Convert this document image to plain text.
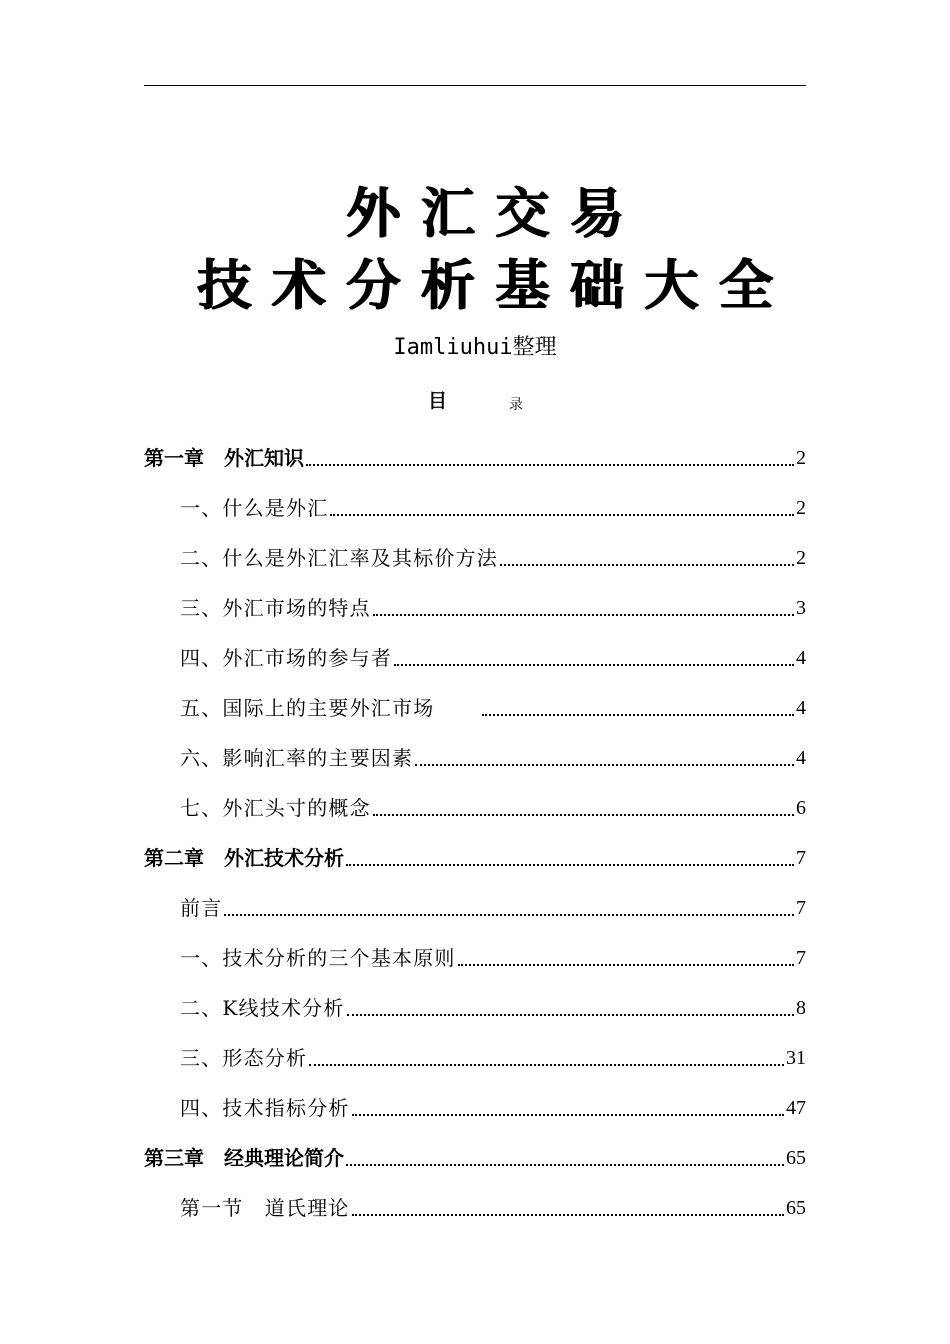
外汇交易
技术分析基础大全
Iamliuhui整理
目	录
第一章　外汇知识	2
一、什么是外汇	2
二、什么是外汇汇率及其标价方法	2
三、外汇市场的特点	3
四、外汇市场的参与者	4
五、国际上的主要外汇市场	4
六、影响汇率的主要因素	4
七、外汇头寸的概念	6
第二章　外汇技术分析	7
前言	7
一、技术分析的三个基本原则	7
二、K线技术分析	8
三、形态分析	31
四、技术指标分析	47
第三章　经典理论简介	65
第一节　道氏理论	65
